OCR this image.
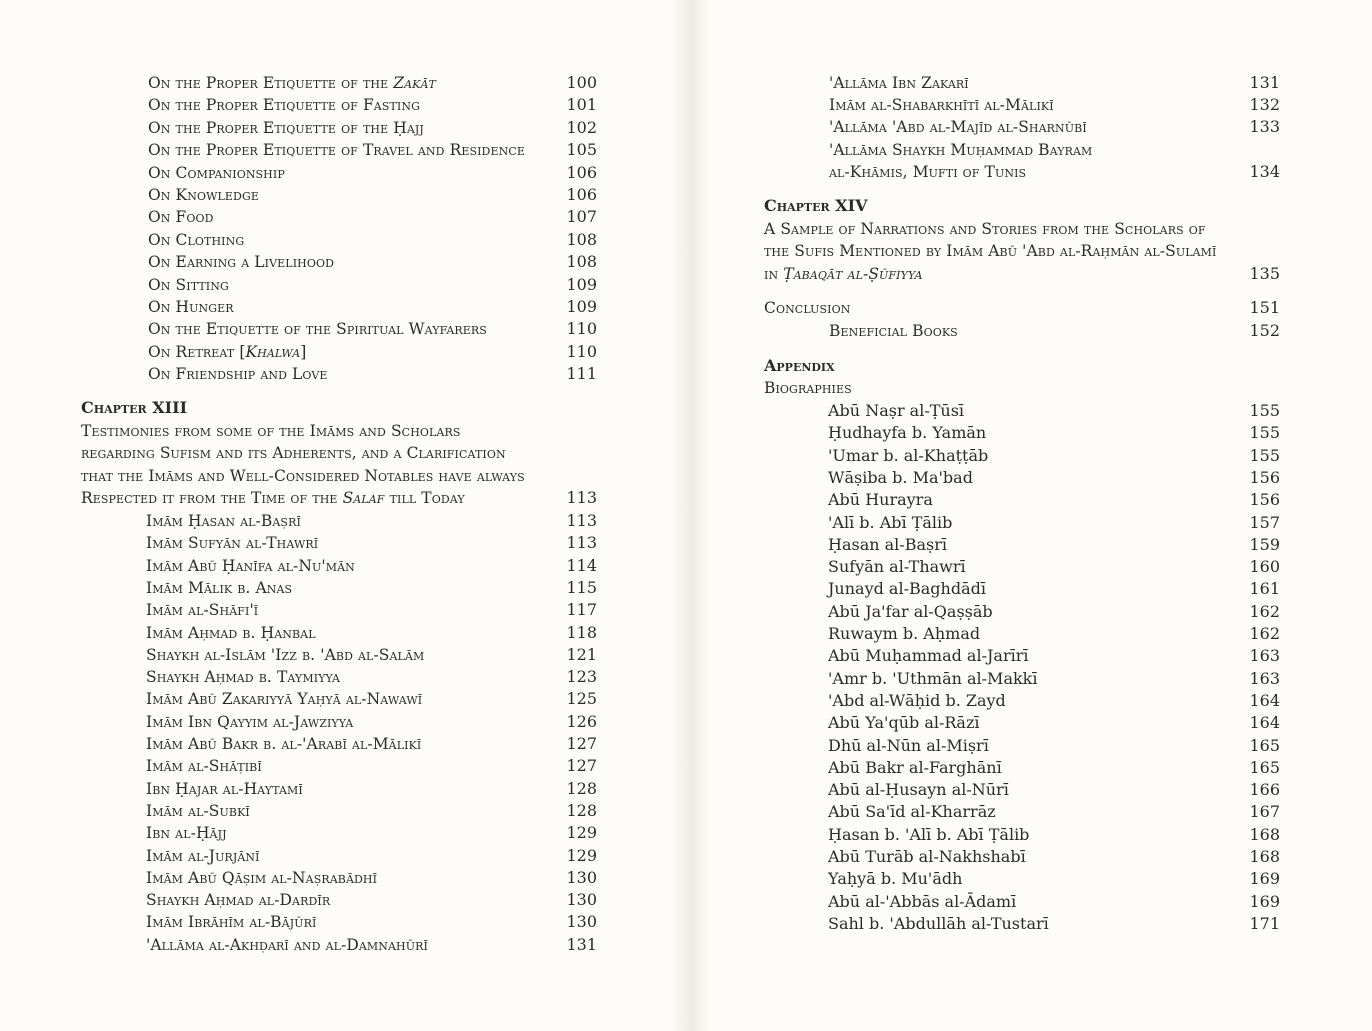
On the Proper Etiquette of the Zakāt	100
On the Proper Etiquette of Fasting	101
On the Proper Etiquette of the Ḥajj	102
On the Proper Etiquette of Travel and Residence	105
On Companionship	106
On Knowledge	106
On Food	107
On Clothing	108
On Earning a Livelihood	108
On Sitting	109
On Hunger	109
On the Etiquette of the Spiritual Wayfarers	110
On Retreat [Khalwa]	110
On Friendship and Love	111
Chapter XIII
Testimonies from some of the Imāms and Scholars
regarding Sufism and its Adherents, and a Clarification
that the Imāms and Well-Considered Notables have always
Respected it from the Time of the Salaf till Today	113
Imām Ḥasan al-Baṣrī	113
Imām Sufyān al-Thawrī	113
Imām Abū Ḥanīfa al-Nu'mān	114
Imām Mālik b. Anas	115
Imām al-Shāfi'ī	117
Imām Aḥmad b. Ḥanbal	118
Shaykh al-Islām 'Izz b. 'Abd al-Salām	121
Shaykh Aḥmad b. Taymiyya	123
Imām Abū Zakariyyā Yaḥyā al-Nawawī	125
Imām Ibn Qayyim al-Jawziyya	126
Imām Abū Bakr b. al-'Arabī al-Mālikī	127
Imām al-Shāṭibī	127
Ibn Ḥajar al-Haytamī	128
Imām al-Subkī	128
Ibn al-Ḥājj	129
Imām al-Jurjānī	129
Imām Abū Qāṣim al-Naṣrabādhī	130
Shaykh Aḥmad al-Dardīr	130
Imām Ibrāhīm al-Bājūrī	130
'Allāma al-Akhḍarī and al-Damnahūrī	131
'Allāma Ibn Zakarī	131
Imām al-Shabarkhītī al-Mālikī	132
'Allāma 'Abd al-Majīd al-Sharnūbī	133
'Allāma Shaykh Muḥammad Bayram
al-Khāmis, Mufti of Tunis	134
Chapter XIV
A Sample of Narrations and Stories from the Scholars of
the Sufis Mentioned by Imām Abū 'Abd al-Raḥmān al-Sulamī
in Ṭabaqāt al-Ṣūfiyya	135
Conclusion	151
Beneficial Books	152
Appendix
Biographies
Abū Naṣr al-Ṭūsī	155
Ḥudhayfa b. Yamān	155
'Umar b. al-Khaṭṭāb	155
Wāṣiba b. Ma'bad	156
Abū Hurayra	156
'Alī b. Abī Ṭālib	157
Ḥasan al-Baṣrī	159
Sufyān al-Thawrī	160
Junayd al-Baghdādī	161
Abū Ja'far al-Qaṣṣāb	162
Ruwaym b. Aḥmad	162
Abū Muḥammad al-Jarīrī	163
'Amr b. 'Uthmān al-Makkī	163
'Abd al-Wāḥid b. Zayd	164
Abū Ya'qūb al-Rāzī	164
Dhū al-Nūn al-Miṣrī	165
Abū Bakr al-Farghānī	165
Abū al-Ḥusayn al-Nūrī	166
Abū Sa'īd al-Kharrāz	167
Ḥasan b. 'Alī b. Abī Ṭālib	168
Abū Turāb al-Nakhshabī	168
Yaḥyā b. Mu'ādh	169
Abū al-'Abbās al-Ādamī	169
Sahl b. 'Abdullāh al-Tustarī	171
